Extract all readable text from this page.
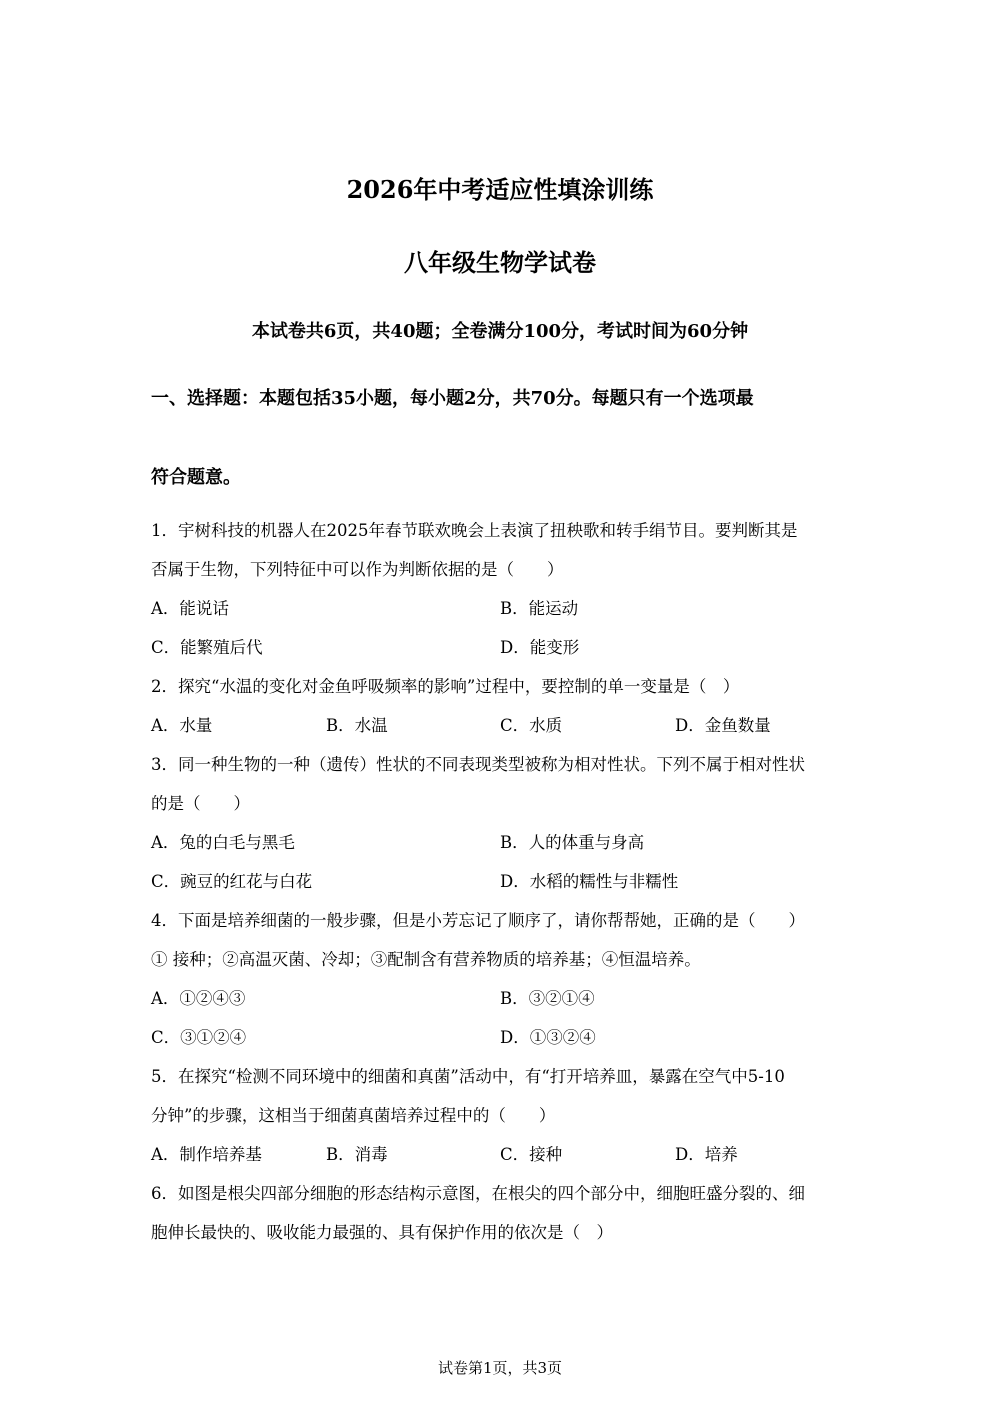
2026年中考适应性填涂训练
八年级生物学试卷
本试卷共6页，共40题；全卷满分100分，考试时间为60分钟
一、选择题：本题包括35小题，每小题2分，共70分。每题只有一个选项最
符合题意。
1．宇树科技的机器人在2025年春节联欢晚会上表演了扭秧歌和转手绢节目。要判断其是
否属于生物，下列特征中可以作为判断依据的是（　　）
A．能说话	B．能运动
C．能繁殖后代	D．能变形
2．探究“水温的变化对金鱼呼吸频率的影响”过程中，要控制的单一变量是（　）
A．水量	B．水温	C．水质	D．金鱼数量
3．同一种生物的一种（遗传）性状的不同表现类型被称为相对性状。下列不属于相对性状
的是（　　）
A．兔的白毛与黑毛	B．人的体重与身高
C．豌豆的红花与白花	D．水稻的糯性与非糯性
4．下面是培养细菌的一般步骤，但是小芳忘记了顺序了，请你帮帮她，正确的是（　　）
① 接种；②高温灭菌、冷却；③配制含有营养物质的培养基；④恒温培养。
A．①②④③	B．③②①④
C．③①②④	D．①③②④
5．在探究“检测不同环境中的细菌和真菌”活动中，有“打开培养皿，暴露在空气中5-10
分钟”的步骤，这相当于细菌真菌培养过程中的（　　）
A．制作培养基	B．消毒	C．接种	D．培养
6．如图是根尖四部分细胞的形态结构示意图，在根尖的四个部分中，细胞旺盛分裂的、细
胞伸长最快的、吸收能力最强的、具有保护作用的依次是（　）
试卷第1页，共3页
